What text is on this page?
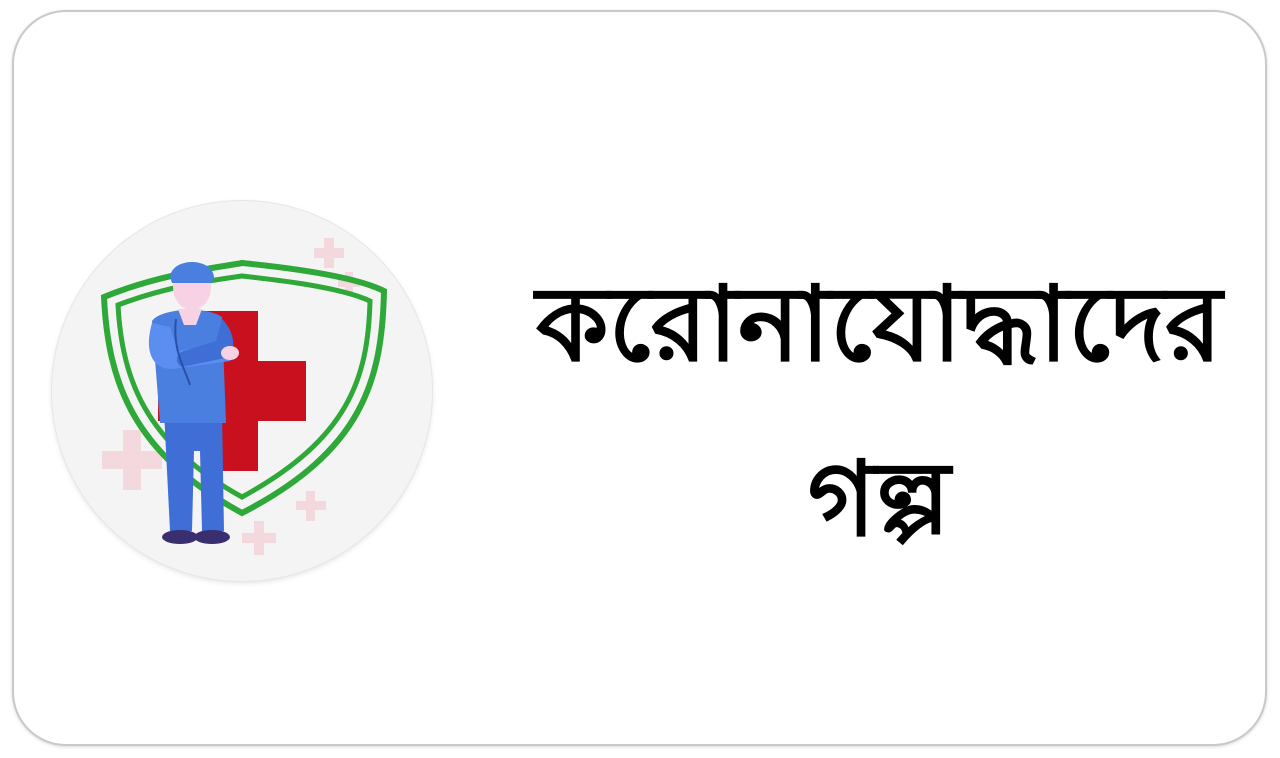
করোনাযোদ্ধাদের
গল্প
